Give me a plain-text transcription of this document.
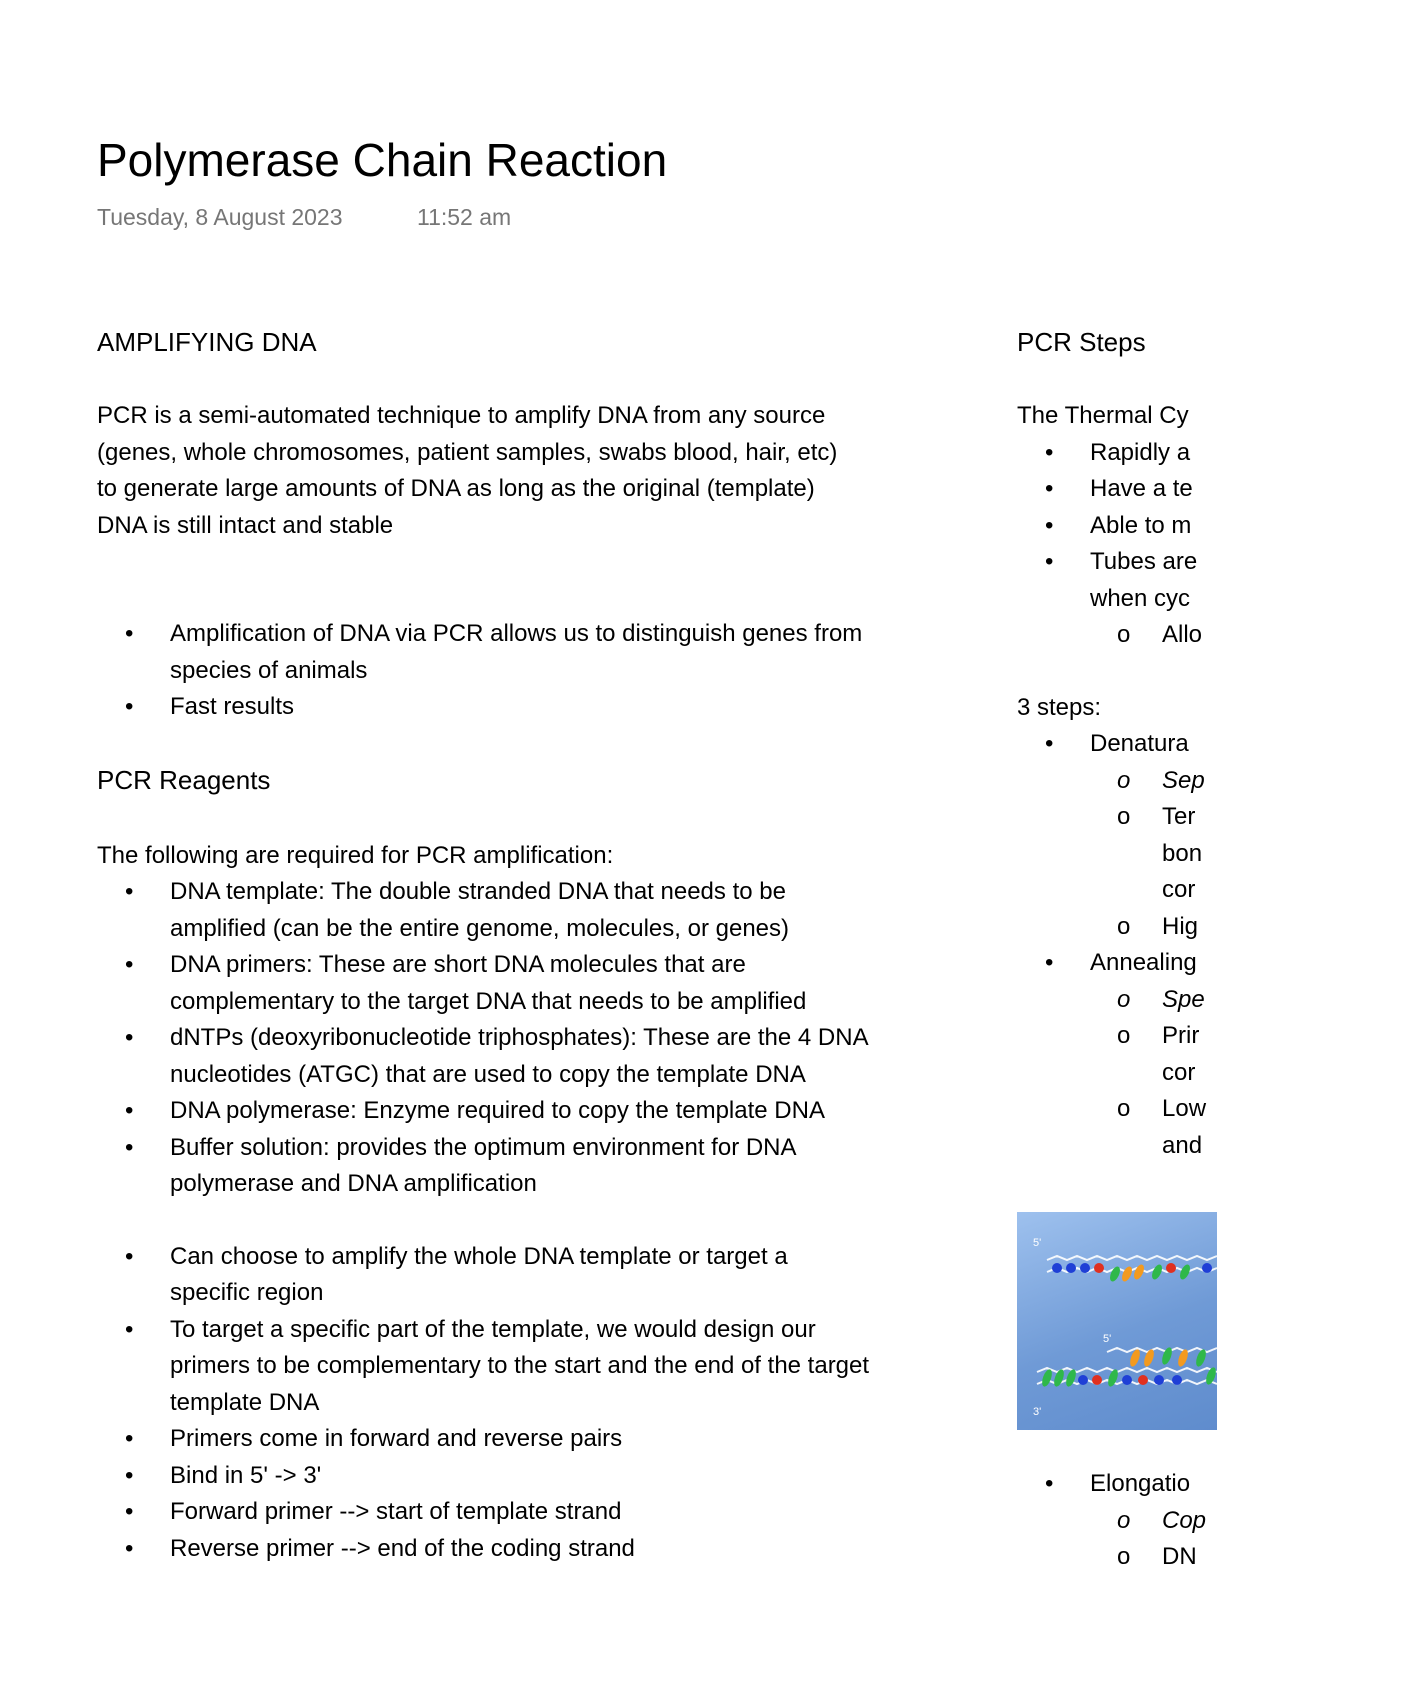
Polymerase Chain Reaction
Tuesday, 8 August 2023	11:52 am
AMPLIFYING DNA
PCR is a semi-automated technique to amplify DNA from any source
(genes, whole chromosomes, patient samples, swabs blood, hair, etc)
to generate large amounts of DNA as long as the original (template)
DNA is still intact and stable
• Amplification of DNA via PCR allows us to distinguish genes from species of animals
• Fast results
PCR Reagents
The following are required for PCR amplification:
• DNA template: The double stranded DNA that needs to be amplified (can be the entire genome, molecules, or genes)
• DNA primers: These are short DNA molecules that are complementary to the target DNA that needs to be amplified
• dNTPs (deoxyribonucleotide triphosphates): These are the 4 DNA nucleotides (ATGC) that are used to copy the template DNA
• DNA polymerase: Enzyme required to copy the template DNA
• Buffer solution: provides the optimum environment for DNA polymerase and DNA amplification
• Can choose to amplify the whole DNA template or target a specific region
• To target a specific part of the template, we would design our primers to be complementary to the start and the end of the target template DNA
• Primers come in forward and reverse pairs
• Bind in 5' -> 3'
• Forward primer --> start of template strand
• Reverse primer --> end of the coding strand
PCR Steps
The Thermal Cy
• Rapidly a
• Have a te
• Able to m
• Tubes are
when cyc
o Allo
3 steps:
• Denatura
o Sep
o Ter
bon
cor
o Hig
• Annealing
o Spe
o Prir
cor
o Low
and
5'
5'
3'
• Elongatio
o Cop
o DN
